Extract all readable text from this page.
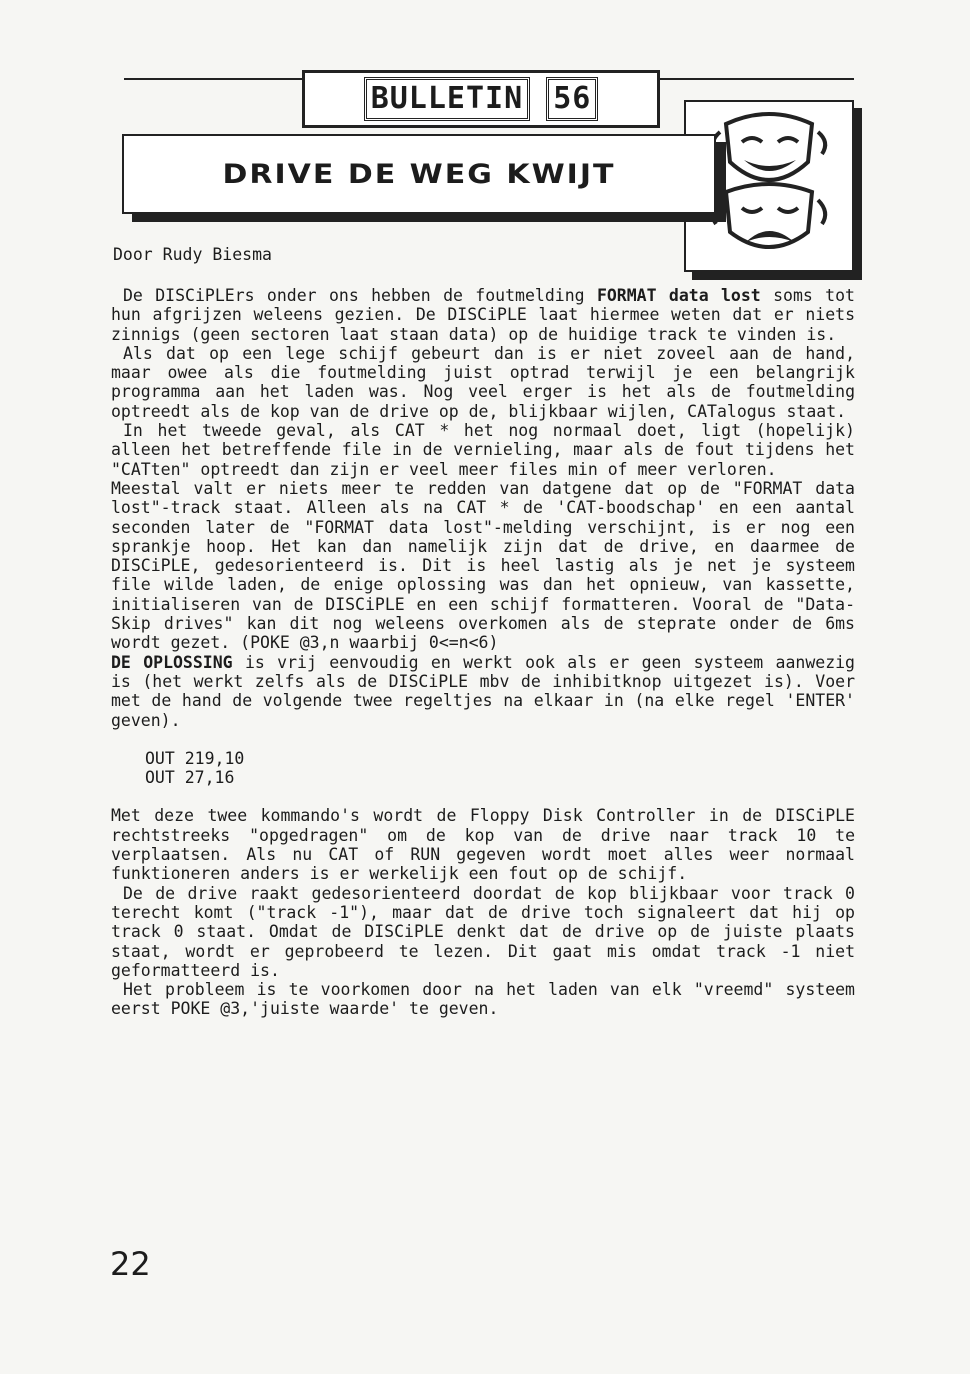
BULLETIN 56
DRIVE DE WEG KWIJT
Door Rudy Biesma

De DISCiPLErs onder ons hebben de foutmelding FORMAT data lost soms tot hun afgrijzen weleens gezien. De DISCiPLE laat hiermee weten dat er niets zinnigs (geen sectoren laat staan data) op de huidige track te vinden is.

Als dat op een lege schijf gebeurt dan is er niet zoveel aan de hand, maar owee als die foutmelding juist optrad terwijl je een belangrijk programma aan het laden was. Nog veel erger is het als de foutmelding optreedt als de kop van de drive op de, blijkbaar wijlen, CATalogus staat.

In het tweede geval, als CAT * het nog normaal doet, ligt (hopelijk) alleen het betreffende file in de vernieling, maar als de fout tijdens het "CATten" optreedt dan zijn er veel meer files min of meer verloren.

Meestal valt er niets meer te redden van datgene dat op de "FORMAT data lost"-track staat. Alleen als na CAT * de 'CAT-boodschap' en een aantal seconden later de "FORMAT data lost"-melding verschijnt, is er nog een sprankje hoop. Het kan dan namelijk zijn dat de drive, en daarmee de DISCiPLE, gedesorienteerd is. Dit is heel lastig als je net je systeem file wilde laden, de enige oplossing was dan het opnieuw, van kassette, initialiseren van de DISCiPLE en een schijf formatteren. Vooral de "Data-Skip drives" kan dit nog weleens overkomen als de steprate onder de 6ms wordt gezet. (POKE @3,n waarbij 0<=n<6)

DE OPLOSSING is vrij eenvoudig en werkt ook als er geen systeem aanwezig is (het werkt zelfs als de DISCiPLE mbv de inhibitknop uitgezet is). Voer met de hand de volgende twee regeltjes na elkaar in (na elke regel 'ENTER' geven).

OUT 219,10
OUT 27,16

Met deze twee kommando's wordt de Floppy Disk Controller in de DISCiPLE rechtstreeks "opgedragen" om de kop van de drive naar track 10 te verplaatsen. Als nu CAT of RUN gegeven wordt moet alles weer normaal funktioneren anders is er werkelijk een fout op de schijf.

De de drive raakt gedesorienteerd doordat de kop blijkbaar voor track 0 terecht komt ("track -1"), maar dat de drive toch signaleert dat hij op track 0 staat. Omdat de DISCiPLE denkt dat de drive op de juiste plaats staat, wordt er geprobeerd te lezen. Dit gaat mis omdat track -1 niet geformatteerd is.

Het probleem is te voorkomen door na het laden van elk "vreemd" systeem eerst POKE @3,'juiste waarde' te geven.

22
